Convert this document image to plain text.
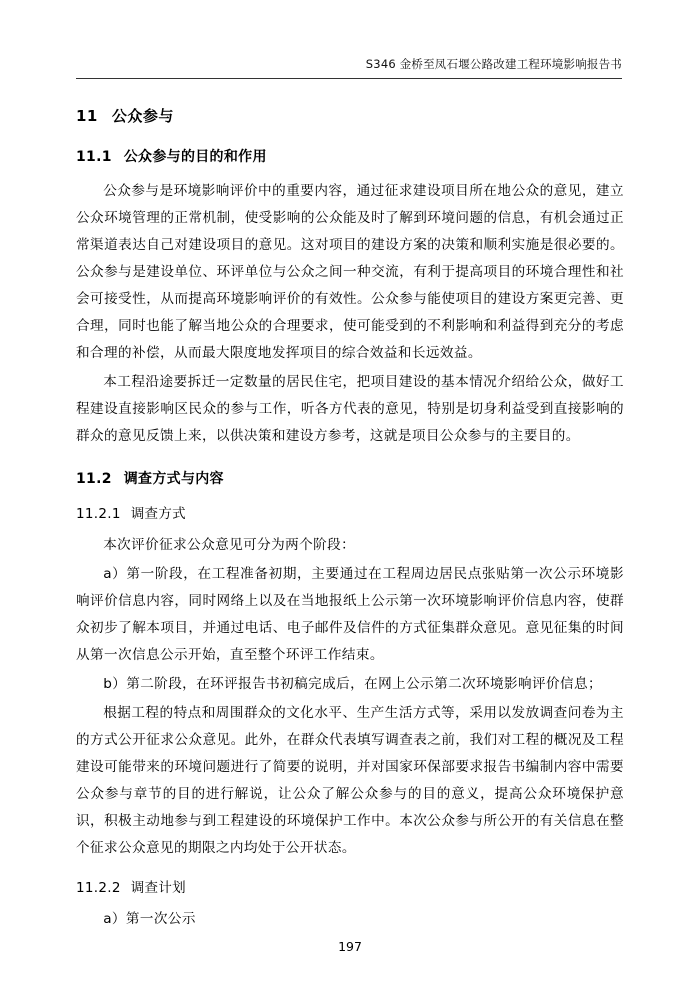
S346 金桥至凤石堰公路改建工程环境影响报告书
11 公众参与
11.1 公众参与的目的和作用

公众参与是环境影响评价中的重要内容，通过征求建设项目所在地公众的意见，建立公众环境管理的正常机制，使受影响的公众能及时了解到环境问题的信息，有机会通过正常渠道表达自己对建设项目的意见。这对项目的建设方案的决策和顺利实施是很必要的。公众参与是建设单位、环评单位与公众之间一种交流，有利于提高项目的环境合理性和社会可接受性，从而提高环境影响评价的有效性。公众参与能使项目的建设方案更完善、更合理，同时也能了解当地公众的合理要求，使可能受到的不利影响和利益得到充分的考虑和合理的补偿，从而最大限度地发挥项目的综合效益和长远效益。

本工程沿途要拆迁一定数量的居民住宅，把项目建设的基本情况介绍给公众，做好工程建设直接影响区民众的参与工作，听各方代表的意见，特别是切身利益受到直接影响的群众的意见反馈上来，以供决策和建设方参考，这就是项目公众参与的主要目的。

11.2 调查方式与内容
11.2.1 调查方式

本次评价征求公众意见可分为两个阶段：

a）第一阶段，在工程准备初期，主要通过在工程周边居民点张贴第一次公示环境影响评价信息内容，同时网络上以及在当地报纸上公示第一次环境影响评价信息内容，使群众初步了解本项目，并通过电话、电子邮件及信件的方式征集群众意见。意见征集的时间从第一次信息公示开始，直至整个环评工作结束。

b）第二阶段，在环评报告书初稿完成后，在网上公示第二次环境影响评价信息；

根据工程的特点和周围群众的文化水平、生产生活方式等，采用以发放调查问卷为主的方式公开征求公众意见。此外，在群众代表填写调查表之前，我们对工程的概况及工程建设可能带来的环境问题进行了简要的说明，并对国家环保部要求报告书编制内容中需要公众参与章节的目的进行解说，让公众了解公众参与的目的意义，提高公众环境保护意识，积极主动地参与到工程建设的环境保护工作中。本次公众参与所公开的有关信息在整个征求公众意见的期限之内均处于公开状态。

11.2.2 调查计划

a）第一次公示

197
